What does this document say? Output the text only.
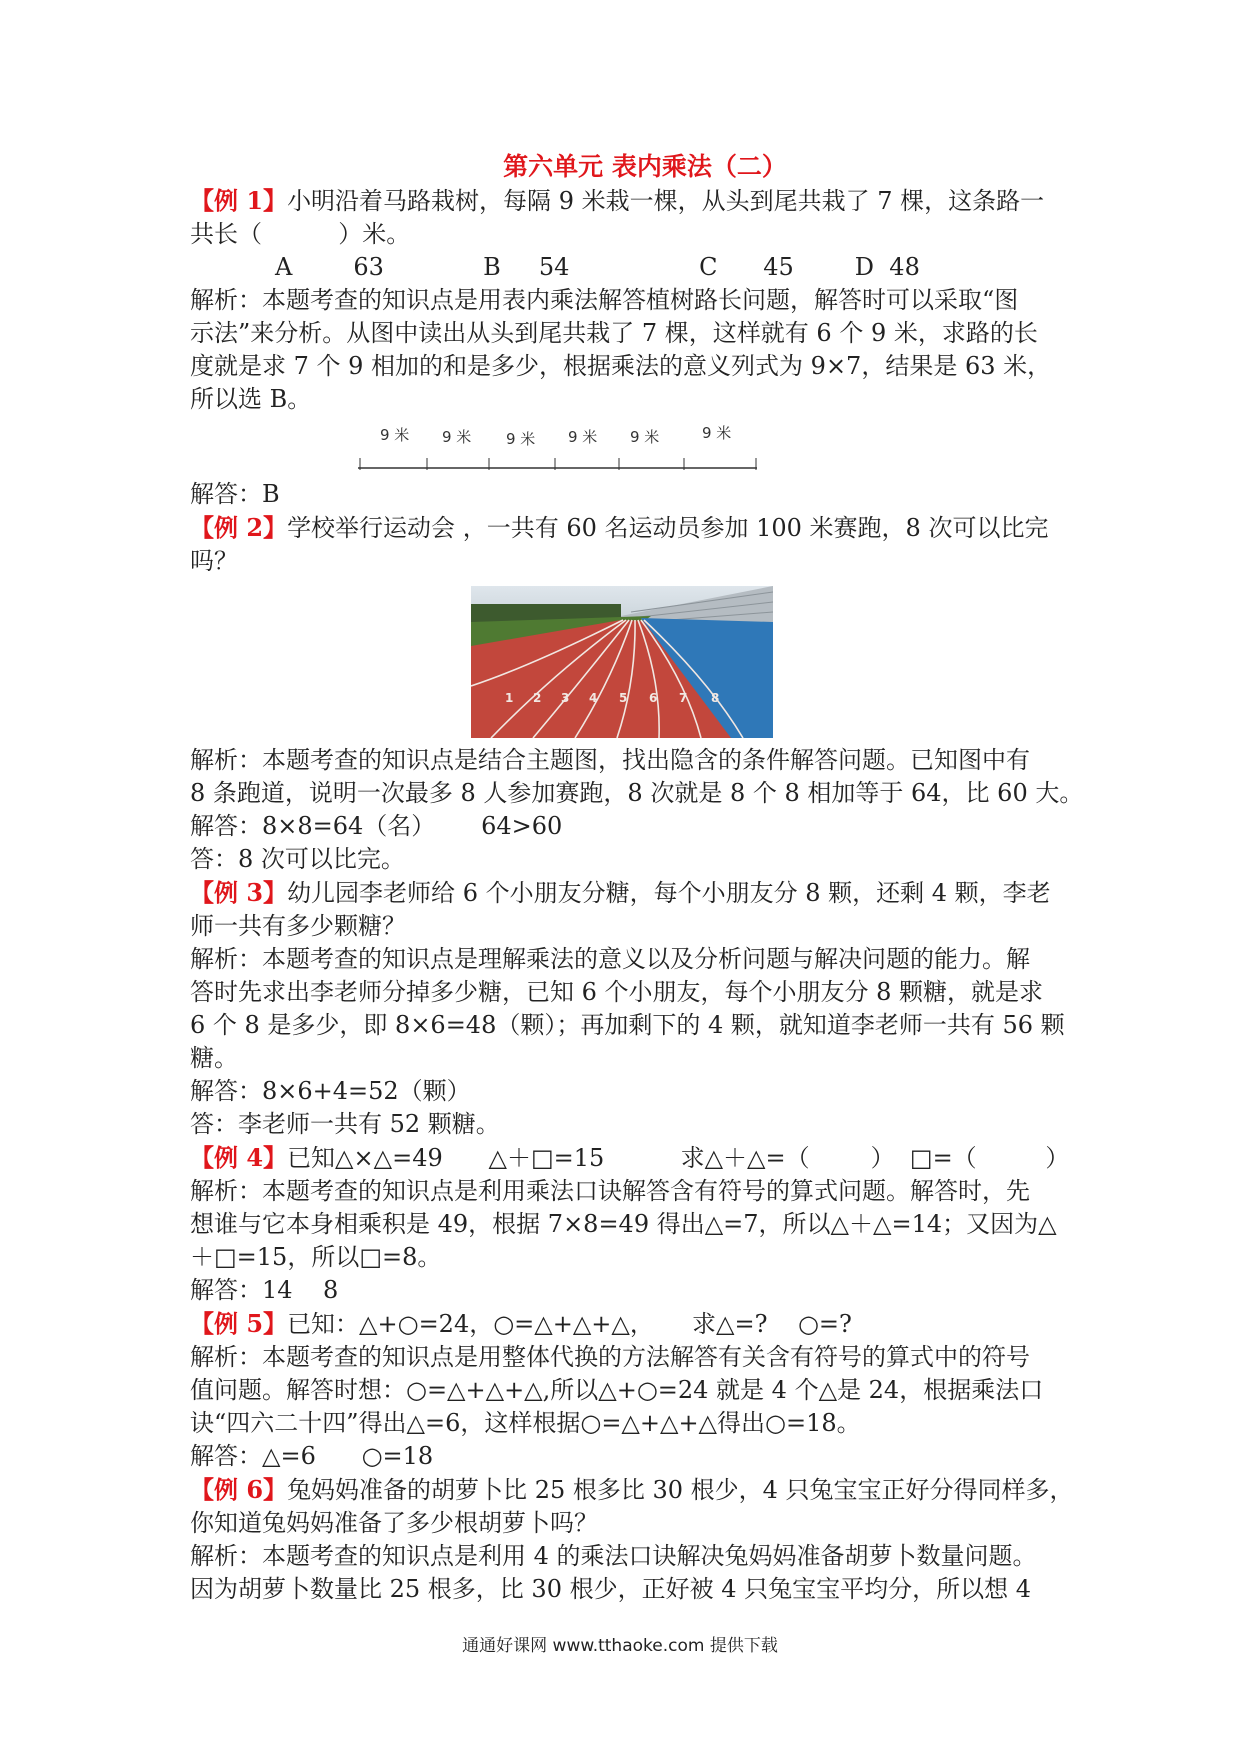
第六单元 表内乘法（二）
【例 1】小明沿着马路栽树，每隔 9 米栽一棵，从头到尾共栽了 7 棵，这条路一
共长（          ）米。
A        63             B     54                 C      45        D  48
解析：本题考查的知识点是用表内乘法解答植树路长问题，解答时可以采取“图
示法”来分析。从图中读出从头到尾共栽了 7 棵，这样就有 6 个 9 米，求路的长
度就是求 7 个 9 相加的和是多少，根据乘法的意义列式为 9×7，结果是 63 米，
所以选 B。
9 米 9 米 9 米 9 米 9 米	9 米
解答：B
【例 2】学校举行运动会 ，一共有 60 名运动员参加 100 米赛跑，8 次可以比完
吗？
1 2 3 4 5 6 7 8
解析：本题考查的知识点是结合主题图，找出隐含的条件解答问题。已知图中有
8 条跑道，说明一次最多 8 人参加赛跑，8 次就是 8 个 8 相加等于 64，比 60 大。
解答：8×8=64（名）      64>60
答：8 次可以比完。
【例 3】幼儿园李老师给 6 个小朋友分糖，每个小朋友分 8 颗，还剩 4 颗，李老
师一共有多少颗糖？
解析：本题考查的知识点是理解乘法的意义以及分析问题与解决问题的能力。解
答时先求出李老师分掉多少糖，已知 6 个小朋友，每个小朋友分 8 颗糖，就是求
6 个 8 是多少，即 8×6=48（颗）；再加剩下的 4 颗，就知道李老师一共有 56 颗
糖。
解答：8×6+4=52（颗）
答：李老师一共有 52 颗糖。
【例 4】已知△×△=49      △＋□=15          求△＋△=（        ）  □=（         ）
解析：本题考查的知识点是利用乘法口诀解答含有符号的算式问题。解答时，先
想谁与它本身相乘积是 49，根据 7×8=49 得出△=7，所以△＋△=14；又因为△
＋□=15，所以□=8。
解答：14    8
【例 5】已知：△+○=24，○=△+△+△，     求△=?    ○=?
解析：本题考查的知识点是用整体代换的方法解答有关含有符号的算式中的符号
值问题。解答时想：○=△+△+△,所以△+○=24 就是 4 个△是 24，根据乘法口
诀“四六二十四”得出△=6，这样根据○=△+△+△得出○=18。
解答：△=6      ○=18
【例 6】兔妈妈准备的胡萝卜比 25 根多比 30 根少，4 只兔宝宝正好分得同样多，
你知道兔妈妈准备了多少根胡萝卜吗？
解析：本题考查的知识点是利用 4 的乘法口诀解决兔妈妈准备胡萝卜数量问题。
因为胡萝卜数量比 25 根多，比 30 根少，正好被 4 只兔宝宝平均分，所以想 4
通通好课网 www.tthaoke.com 提供下载
